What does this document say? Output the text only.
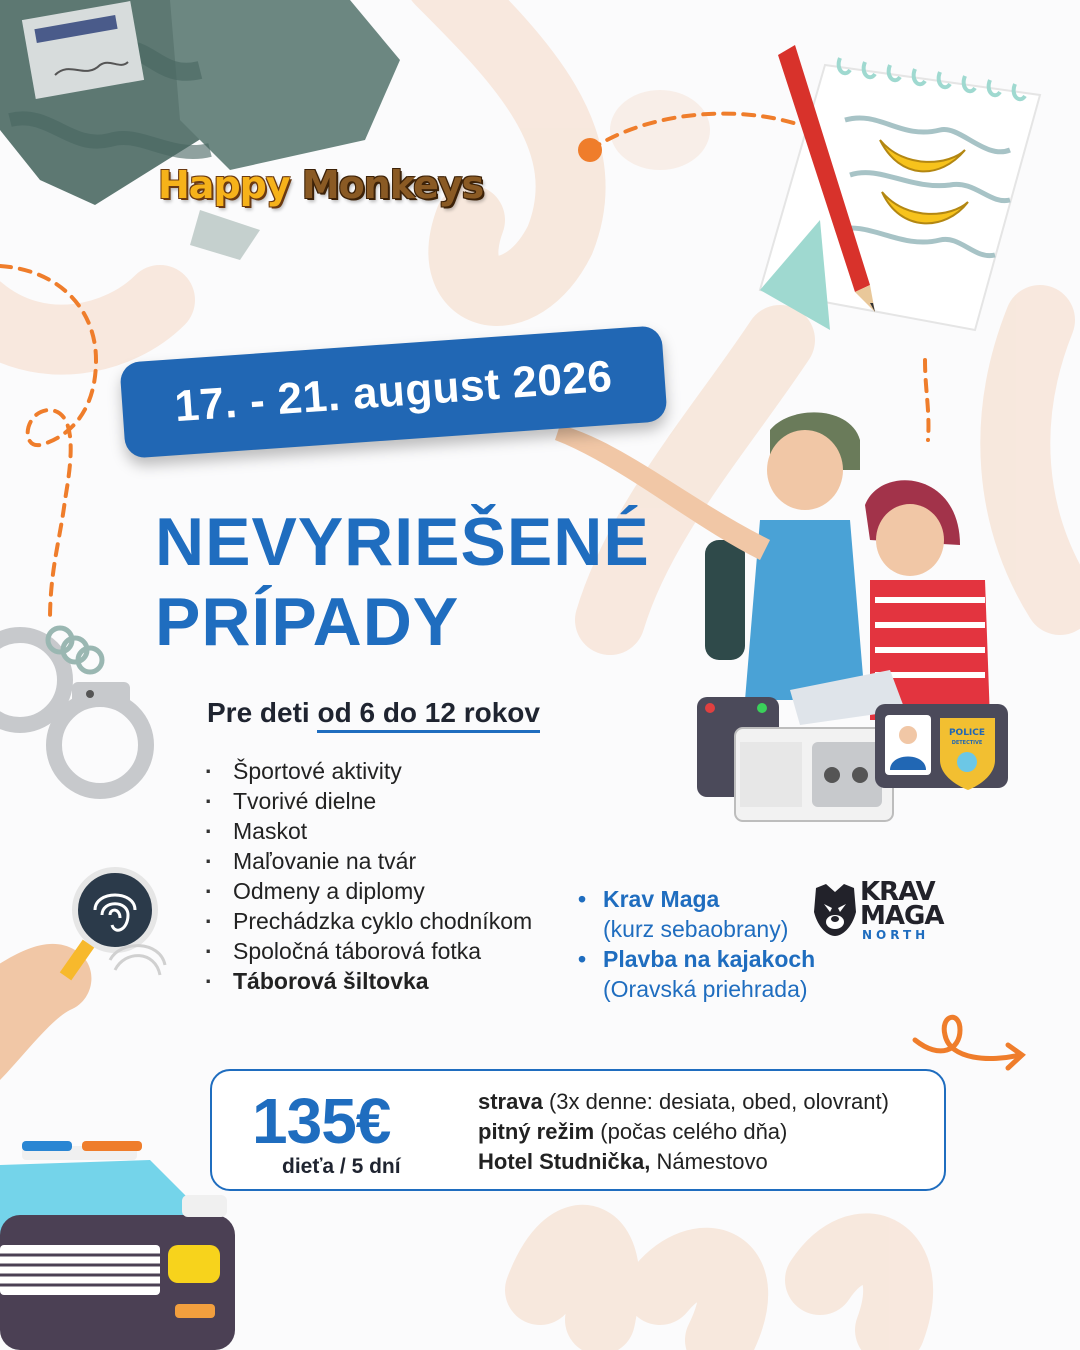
POLICE
DETECTIVE
Happy Monkeys
17. - 21. august 2026
NEVYRIEŠENÉ
PRÍPADY
Pre deti od 6 do 12 rokov
· Športové aktivity
· Tvorivé dielne
· Maskot
· Maľovanie na tvár
· Odmeny a diplomy
· Prechádzka cyklo chodníkom
· Spoločná táborová fotka
· Táborová šiltovka
• Krav Maga
(kurz sebaobrany)
• Plavba na kajakoch
(Oravská priehrada)
KRAV
MAGA
NORTH
135€
dieťa / 5 dní
strava (3x denne: desiata, obed, olovrant)
pitný režim (počas celého dňa)
Hotel Studnička, Námestovo
